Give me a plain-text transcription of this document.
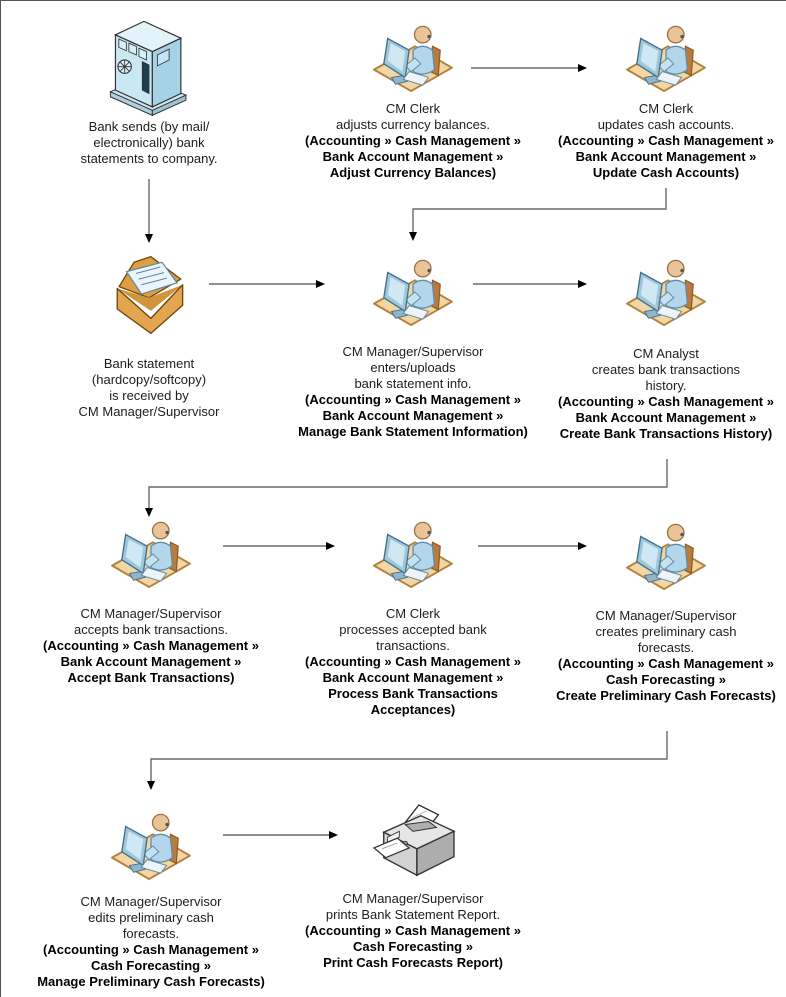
Bank sends (by mail/
electronically) bank
statements to company.
CM Clerk
adjusts currency balances.
(Accounting » Cash Management »
Bank Account Management »
Adjust Currency Balances)
CM Clerk
updates cash accounts.
(Accounting » Cash Management »
Bank Account Management »
Update Cash Accounts)
Bank statement
(hardcopy/softcopy)
is received by
CM Manager/Supervisor
CM Manager/Supervisor
enters/uploads
bank statement info.
(Accounting » Cash Management »
Bank Account Management »
Manage Bank Statement Information)
CM Analyst
creates bank transactions
history.
(Accounting » Cash Management »
Bank Account Management »
Create Bank Transactions History)
CM Manager/Supervisor
accepts bank transactions.
(Accounting » Cash Management »
Bank Account Management »
Accept Bank Transactions)
CM Clerk
processes accepted bank
transactions.
(Accounting » Cash Management »
Bank Account Management »
Process Bank Transactions
Acceptances)
CM Manager/Supervisor
creates preliminary cash
forecasts.
(Accounting » Cash Management »
Cash Forecasting »
Create Preliminary Cash Forecasts)
CM Manager/Supervisor
edits preliminary cash
forecasts.
(Accounting » Cash Management »
Cash Forecasting »
Manage Preliminary Cash Forecasts)
CM Manager/Supervisor
prints Bank Statement Report.
(Accounting » Cash Management »
Cash Forecasting »
Print Cash Forecasts Report)
